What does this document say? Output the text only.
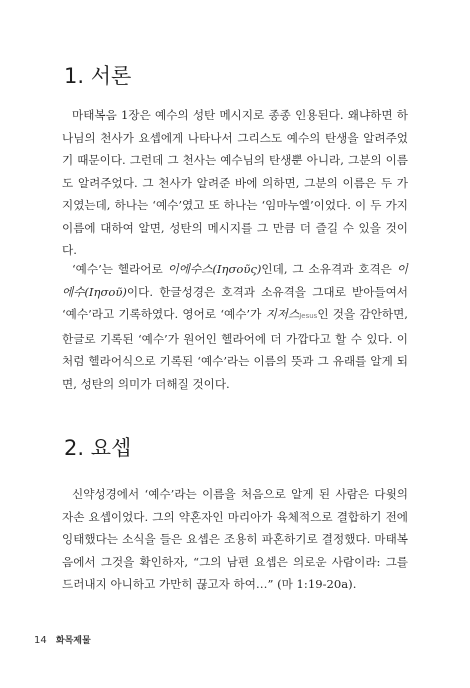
1. 서론

마태복음 1장은 예수의 성탄 메시지로 종종 인용된다. 왜냐하면 하나님의 천사가 요셉에게 나타나서 그리스도 예수의 탄생을 알려주었기 때문이다. 그런데 그 천사는 예수님의 탄생뿐 아니라, 그분의 이름도 알려주었다. 그 천사가 알려준 바에 의하면, 그분의 이름은 두 가지였는데, 하나는 ‘예수’였고 또 하나는 ‘임마누엘’이었다. 이 두 가지 이름에 대하여 알면, 성탄의 메시지를 그 만큼 더 즐길 수 있을 것이다.

‘예수’는 헬라어로 이에수스(Iησοῦς)인데, 그 소유격과 호격은 이에수(Iησοῦ)이다. 한글성경은 호격과 소유격을 그대로 받아들여서 ‘예수’라고 기록하였다. 영어로 ‘예수’가 지저스Jesus인 것을 감안하면, 한글로 기록된 ‘예수’가 원어인 헬라어에 더 가깝다고 할 수 있다. 이처럼 헬라어식으로 기록된 ‘예수’라는 이름의 뜻과 그 유래를 알게 되면, 성탄의 의미가 더해질 것이다.

2. 요셉

신약성경에서 ‘예수’라는 이름을 처음으로 알게 된 사람은 다윗의 자손 요셉이었다. 그의 약혼자인 마리아가 육체적으로 결합하기 전에 잉태했다는 소식을 들은 요셉은 조용히 파혼하기로 결정했다. 마태복음에서 그것을 확인하자, “그의 남편 요셉은 의로운 사람이라: 그를 드러내지 아니하고 가만히 끊고자 하여…” (마 1:19-20a).

14 화목제물
